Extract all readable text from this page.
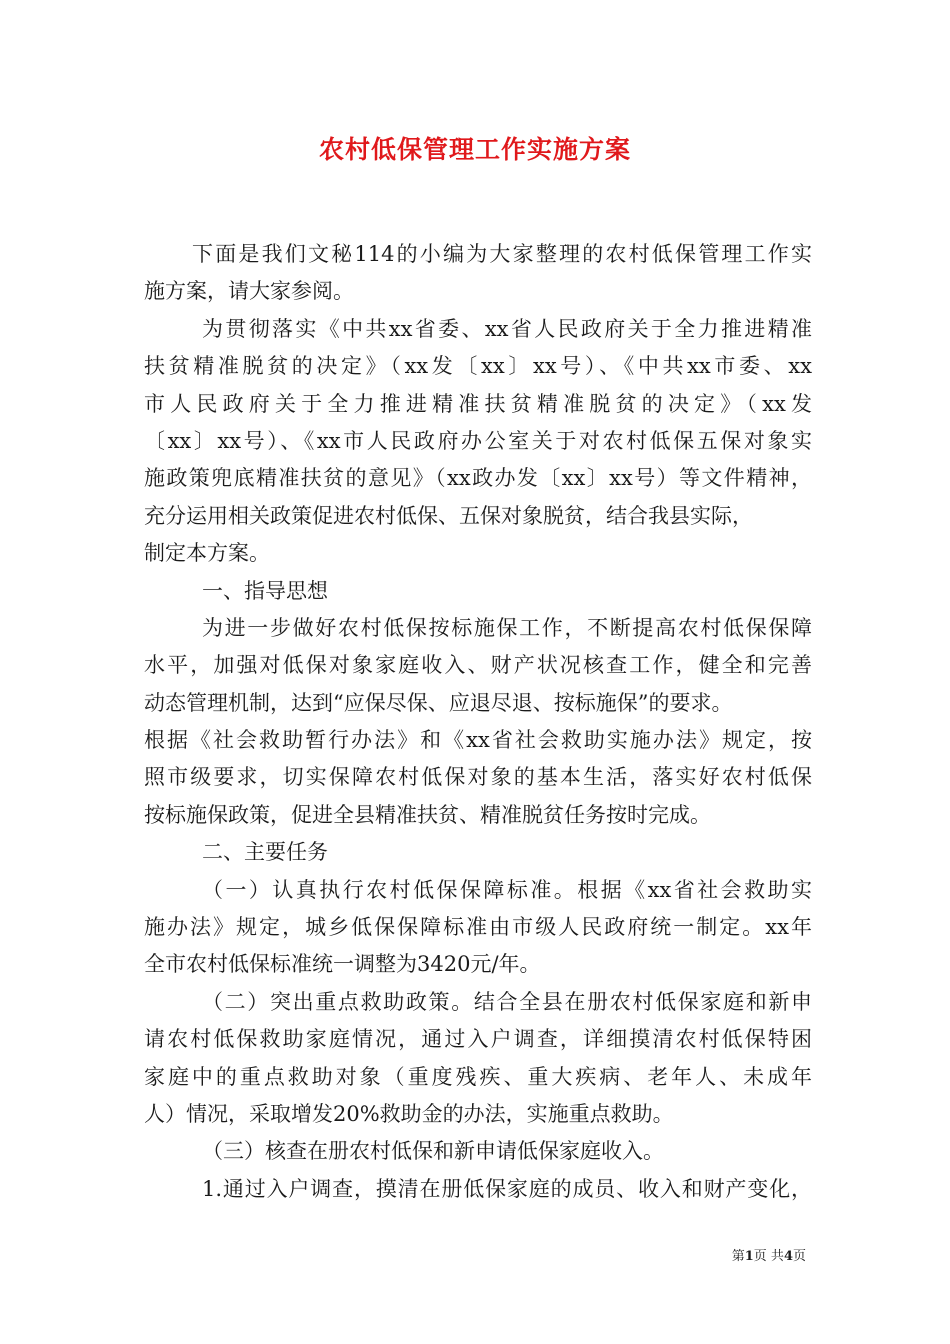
农村低保管理工作实施方案
下面是我们文秘114的小编为大家整理的农村低保管理工作实
施方案，请大家参阅。
为贯彻落实《中共xx省委、xx省人民政府关于全力推进精准
扶贫精准脱贫的决定》（xx发〔xx〕xx号）、《中共xx市委、xx
市人民政府关于全力推进精准扶贫精准脱贫的决定》（xx发
〔xx〕xx号）、《xx市人民政府办公室关于对农村低保五保对象实
施政策兜底精准扶贫的意见》（xx政办发〔xx〕xx号）等文件精神，
充分运用相关政策促进农村低保、五保对象脱贫，结合我县实际，
制定本方案。
一、指导思想
为进一步做好农村低保按标施保工作，不断提高农村低保保障
水平，加强对低保对象家庭收入、财产状况核查工作，健全和完善
动态管理机制，达到“应保尽保、应退尽退、按标施保”的要求。
根据《社会救助暂行办法》和《xx省社会救助实施办法》规定，按
照市级要求，切实保障农村低保对象的基本生活，落实好农村低保
按标施保政策，促进全县精准扶贫、精准脱贫任务按时完成。
二、主要任务
（一）认真执行农村低保保障标准。根据《xx省社会救助实
施办法》规定，城乡低保保障标准由市级人民政府统一制定。xx年
全市农村低保标准统一调整为3420元/年。
（二）突出重点救助政策。结合全县在册农村低保家庭和新申
请农村低保救助家庭情况，通过入户调查，详细摸清农村低保特困
家庭中的重点救助对象（重度残疾、重大疾病、老年人、未成年
人）情况，采取增发20%救助金的办法，实施重点救助。
（三）核查在册农村低保和新申请低保家庭收入。
1.通过入户调查，摸清在册低保家庭的成员、收入和财产变化，
第1页 共4页
